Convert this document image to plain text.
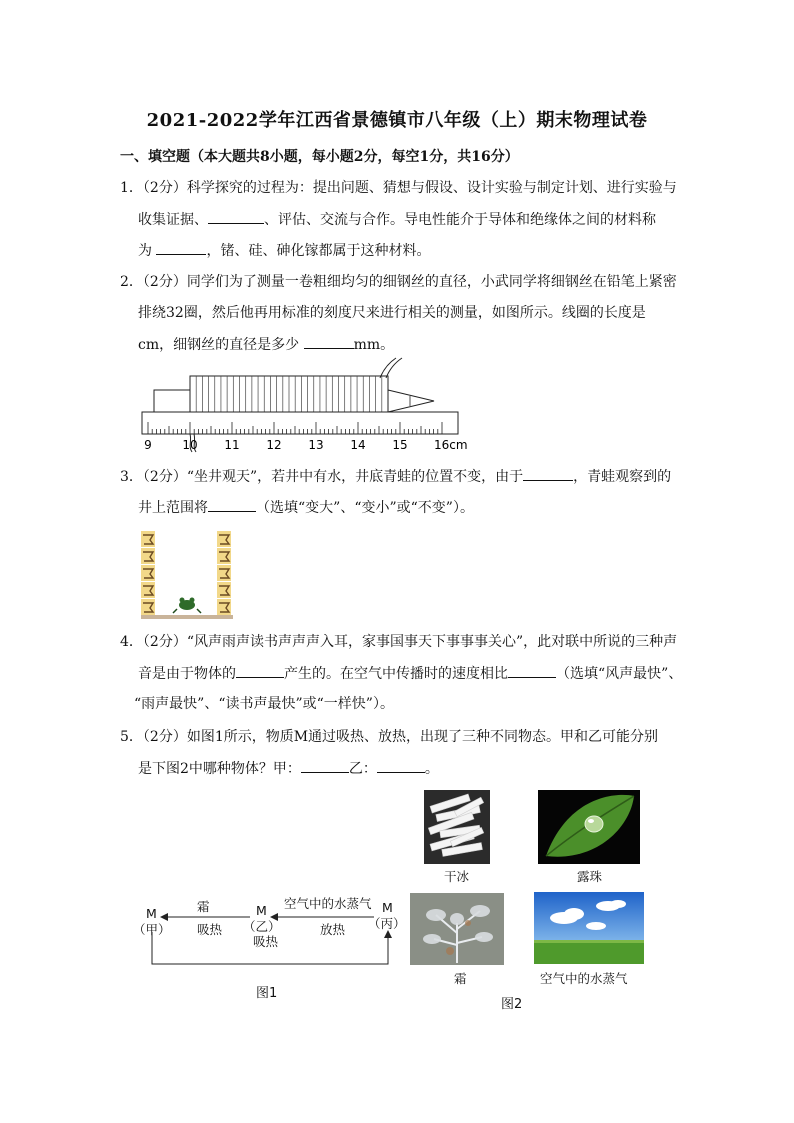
2021-2022学年江西省景德镇市八年级（上）期末物理试卷
一、填空题（本大题共8小题，每小题2分，每空1分，共16分）
1．（2分）科学探究的过程为：提出问题、猜想与假设、设计实验与制定计划、进行实验与
收集证据、	、评估、交流与合作。导电性能介于导体和绝缘体之间的材料称
为	，锗、硅、砷化镓都属于这种材料。
2．（2分）同学们为了测量一卷粗细均匀的细钢丝的直径，小武同学将细钢丝在铅笔上紧密
排绕32圈，然后他再用标准的刻度尺来进行相关的测量，如图所示。线圈的长度是
cm，细钢丝的直径是多少	mm。
9	10 11 12 13 14 15 16cm
3．（2分）“坐井观天”，若井中有水，井底青蛙的位置不变，由于	，青蛙观察到的
井上范围将	（选填“变大”、“变小”或“不变”）。
4．（2分）“风声雨声读书声声声入耳，家事国事天下事事事关心”，此对联中所说的三种声
音是由于物体的	产生的。在空气中传播时的速度相比	（选填“风声最快”、
“雨声最快”、“读书声最快”或“一样快”）。
5．（2分）如图1所示，物质M通过吸热、放热，出现了三种不同物态。甲和乙可能分别
是下图2中哪种物体？甲：	乙：	。
M
（甲）
霜
吸热
M
（乙）
吸热
空气中的水蒸气
放热
M
（丙）
图1
干冰	露珠
霜	空气中的水蒸气
图2
